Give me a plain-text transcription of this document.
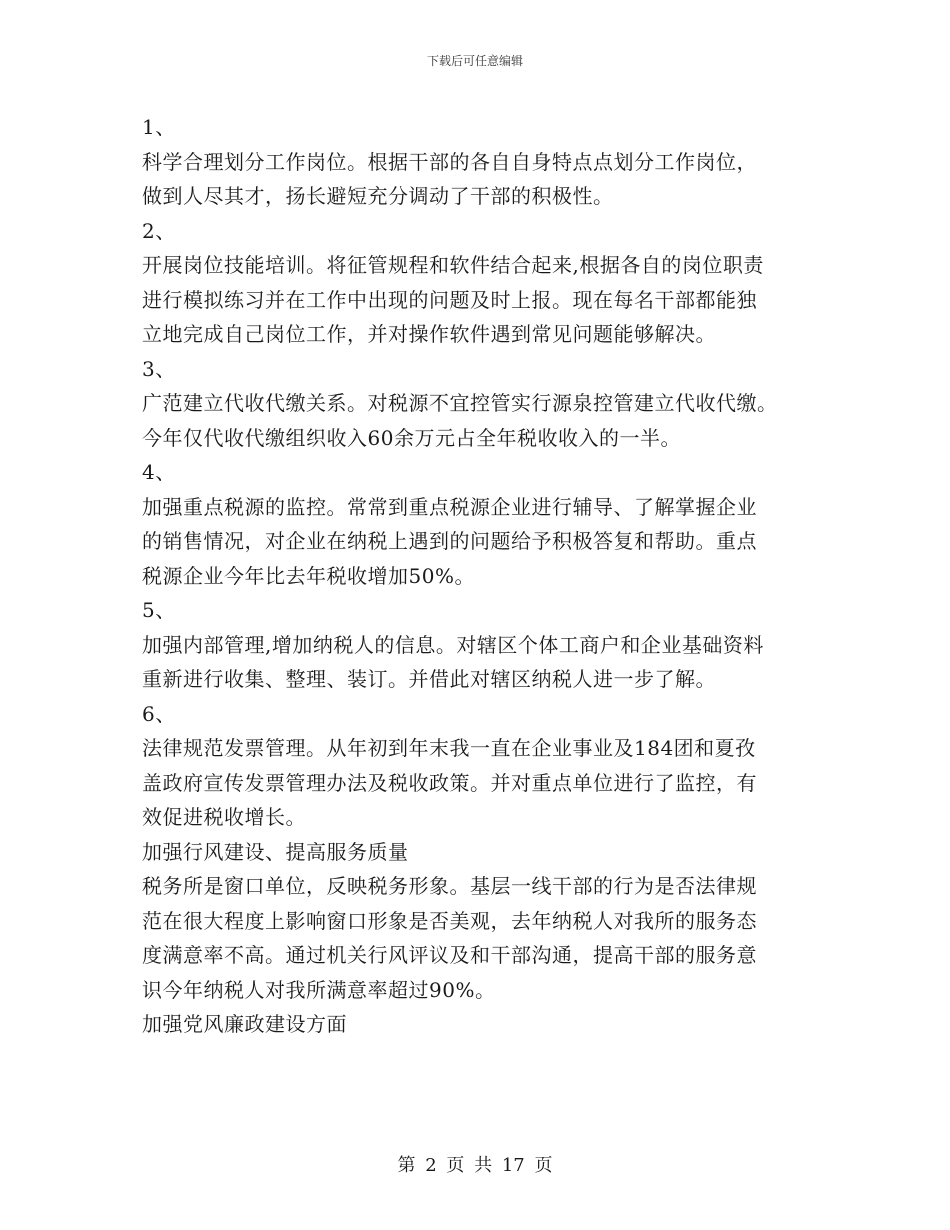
下载后可任意编辑
1、
科学合理划分工作岗位。根据干部的各自自身特点点划分工作岗位，
做到人尽其才，扬长避短充分调动了干部的积极性。
2、
开展岗位技能培训。将征管规程和软件结合起来,根据各自的岗位职责
进行模拟练习并在工作中出现的问题及时上报。现在每名干部都能独
立地完成自己岗位工作，并对操作软件遇到常见问题能够解决。
3、
广范建立代收代缴关系。对税源不宜控管实行源泉控管建立代收代缴。
今年仅代收代缴组织收入60余万元占全年税收收入的一半。
4、
加强重点税源的监控。常常到重点税源企业进行辅导、了解掌握企业
的销售情况，对企业在纳税上遇到的问题给予积极答复和帮助。重点
税源企业今年比去年税收增加50%。
5、
加强内部管理,增加纳税人的信息。对辖区个体工商户和企业基础资料
重新进行收集、整理、装订。并借此对辖区纳税人进一步了解。
6、
法律规范发票管理。从年初到年末我一直在企业事业及184团和夏孜
盖政府宣传发票管理办法及税收政策。并对重点单位进行了监控，有
效促进税收增长。
加强行风建设、提高服务质量
税务所是窗口单位，反映税务形象。基层一线干部的行为是否法律规
范在很大程度上影响窗口形象是否美观，去年纳税人对我所的服务态
度满意率不高。通过机关行风评议及和干部沟通，提高干部的服务意
识今年纳税人对我所满意率超过90%。
加强党风廉政建设方面
第 2 页 共 17 页
